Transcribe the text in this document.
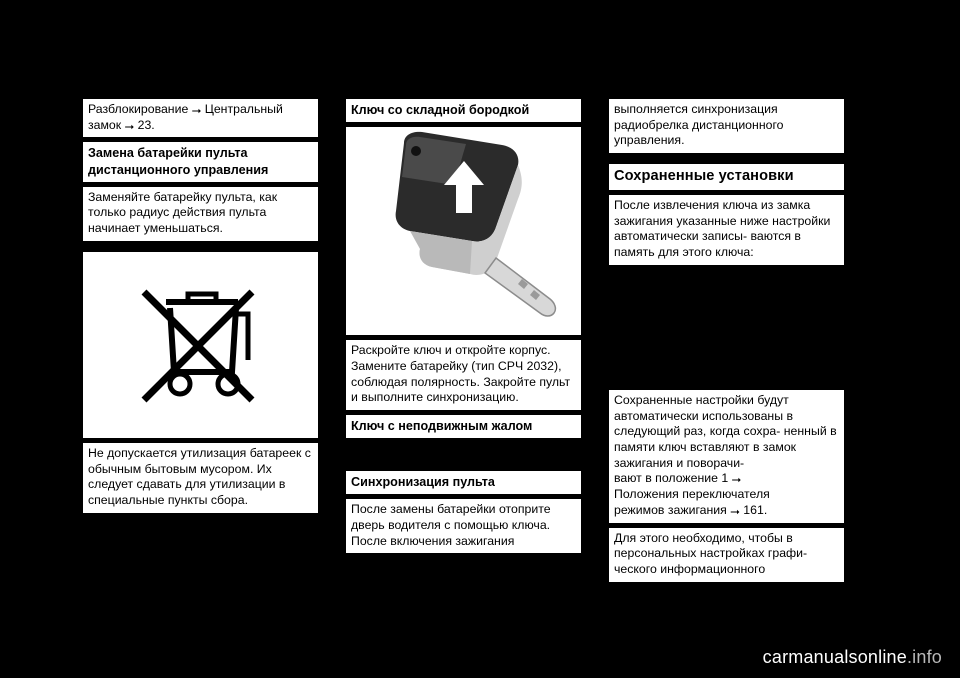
Разблокирование ⭢ Центральный
замок ⭢ 23.
Замена батарейки пульта
дистанционного управления
Заменяйте батарейку пульта, как только радиус действия пульта начинает уменьшаться.
Не допускается утилизация батареек с обычным бытовым мусором. Их следует сдавать для утилизации в специальные пункты сбора.
Ключ со складной бородкой
Раскройте ключ и откройте корпус. Замените батарейку (тип СРЧ 2032), соблюдая полярность. Закройте пульт и выполните синхронизацию.
Ключ с неподвижным жалом
Синхронизация пульта
После замены батарейки отоприте дверь водителя с помощью ключа. После включения зажигания
выполняется синхронизация радиобрелка дистанционного управления.
Сохраненные установки
После извлечения ключа из замка зажигания указанные ниже настройки автоматически записы- ваются в память для этого ключа:
Сохраненные настройки будут автоматически использованы в следующий раз, когда сохра- ненный в памяти ключ вставляют в замок зажигания и поворачи-
вают в положение 1 ⭢
Положения переключателя
режимов зажигания ⭢ 161.
Для этого необходимо, чтобы в персональных настройках графи- ческого информационного
carmanualsonline.info
